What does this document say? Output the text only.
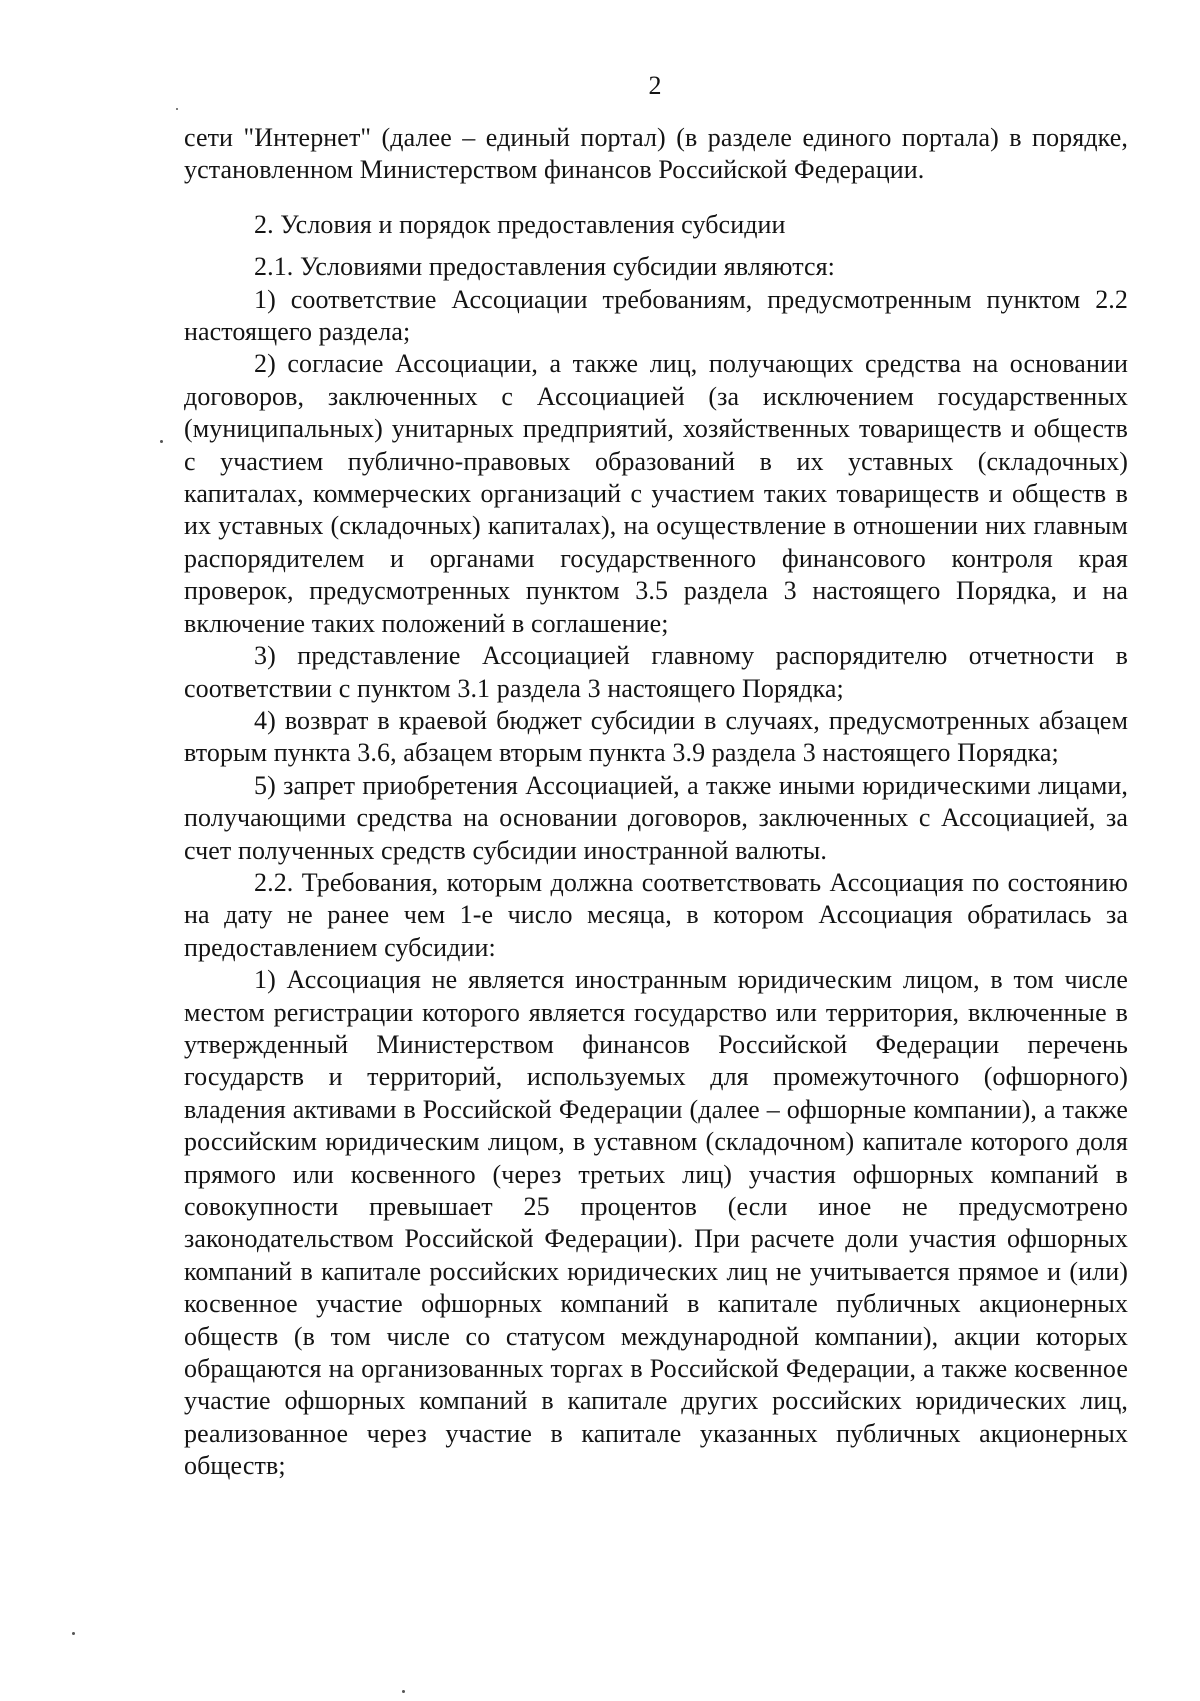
2

сети "Интернет" (далее – единый портал) (в разделе единого портала) в порядке, установленном Министерством финансов Российской Федерации.

2. Условия и порядок предоставления субсидии

2.1. Условиями предоставления субсидии являются:

1) соответствие Ассоциации требованиям, предусмотренным пунктом 2.2 настоящего раздела;

2) согласие Ассоциации, а также лиц, получающих средства на основании договоров, заключенных с Ассоциацией (за исключением государственных (муниципальных) унитарных предприятий, хозяйственных товариществ и обществ с участием публично-правовых образований в их уставных (складочных) капиталах, коммерческих организаций с участием таких товариществ и обществ в их уставных (складочных) капиталах), на осуществление в отношении них главным распорядителем и органами государственного финансового контроля края проверок, предусмотренных пунктом 3.5 раздела 3 настоящего Порядка, и на включение таких положений в соглашение;

3) представление Ассоциацией главному распорядителю отчетности в соответствии с пунктом 3.1 раздела 3 настоящего Порядка;

4) возврат в краевой бюджет субсидии в случаях, предусмотренных абзацем вторым пункта 3.6, абзацем вторым пункта 3.9 раздела 3 настоящего Порядка;

5) запрет приобретения Ассоциацией, а также иными юридическими лицами, получающими средства на основании договоров, заключенных с Ассоциацией, за счет полученных средств субсидии иностранной валюты.

2.2. Требования, которым должна соответствовать Ассоциация по состоянию на дату не ранее чем 1-е число месяца, в котором Ассоциация обратилась за предоставлением субсидии:

1) Ассоциация не является иностранным юридическим лицом, в том числе местом регистрации которого является государство или территория, включенные в утвержденный Министерством финансов Российской Федерации перечень государств и территорий, используемых для промежуточного (офшорного) владения активами в Российской Федерации (далее – офшорные компании), а также российским юридическим лицом, в уставном (складочном) капитале которого доля прямого или косвенного (через третьих лиц) участия офшорных компаний в совокупности превышает 25 процентов (если иное не предусмотрено законодательством Российской Федерации). При расчете доли участия офшорных компаний в капитале российских юридических лиц не учитывается прямое и (или) косвенное участие офшорных компаний в капитале публичных акционерных обществ (в том числе со статусом международной компании), акции которых обращаются на организованных торгах в Российской Федерации, а также косвенное участие офшорных компаний в капитале других российских юридических лиц, реализованное через участие в капитале указанных публичных акционерных обществ;
